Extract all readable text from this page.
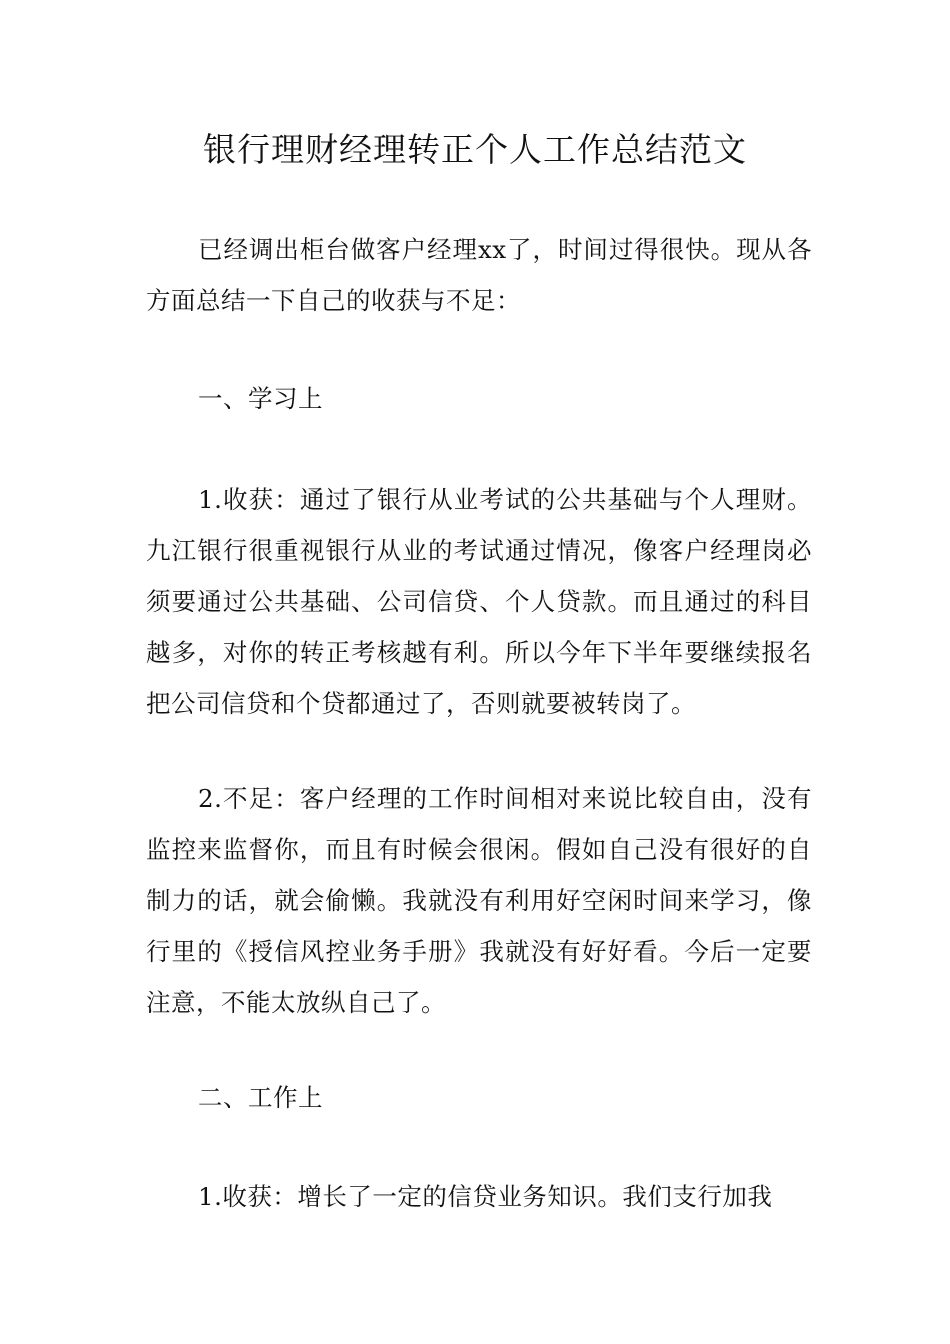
银行理财经理转正个人工作总结范文

已经调出柜台做客户经理xx了，时间过得很快。现从各方面总结一下自己的收获与不足：

一、学习上

1.收获：通过了银行从业考试的公共基础与个人理财。九江银行很重视银行从业的考试通过情况，像客户经理岗必须要通过公共基础、公司信贷、个人贷款。而且通过的科目越多，对你的转正考核越有利。所以今年下半年要继续报名把公司信贷和个贷都通过了，否则就要被转岗了。

2.不足：客户经理的工作时间相对来说比较自由，没有监控来监督你，而且有时候会很闲。假如自己没有很好的自制力的话，就会偷懒。我就没有利用好空闲时间来学习，像行里的《授信风控业务手册》我就没有好好看。今后一定要注意，不能太放纵自己了。

二、工作上

1.收获：增长了一定的信贷业务知识。我们支行加我
